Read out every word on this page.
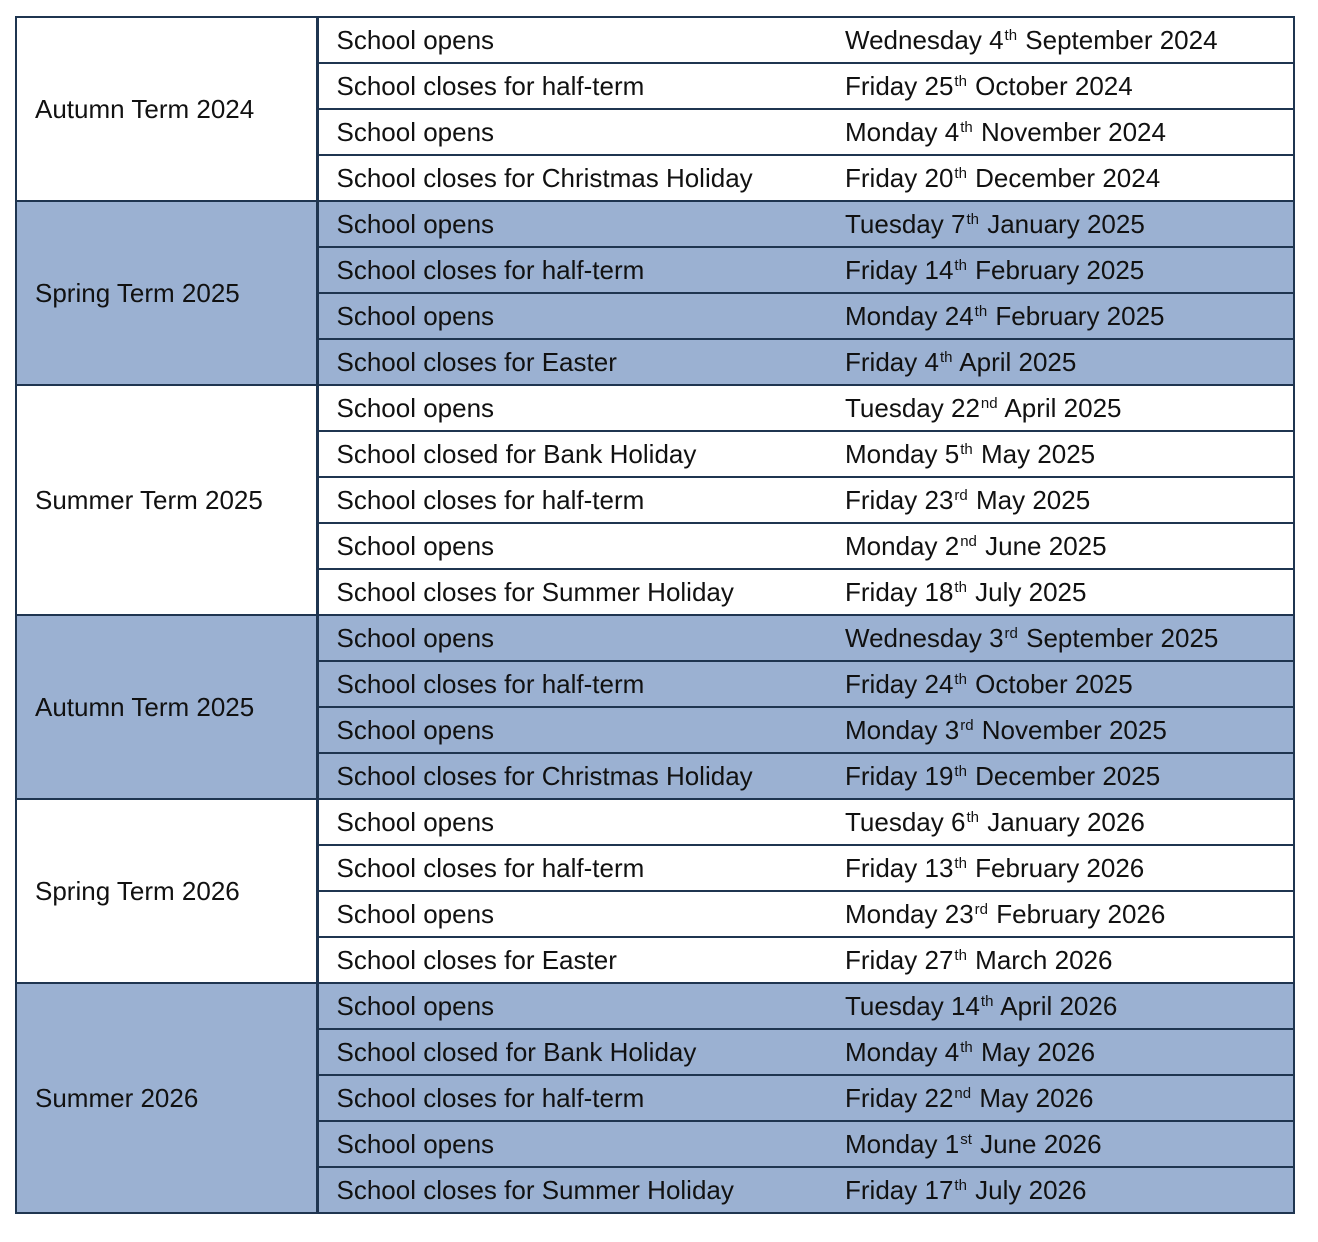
Autumn Term 2024	School opens	Wednesday 4th September 2024
	School closes for half-term	Friday 25th October 2024
	School opens	Monday 4th November 2024
	School closes for Christmas Holiday	Friday 20th December 2024
Spring Term 2025	School opens	Tuesday 7th January 2025
	School closes for half-term	Friday 14th February 2025
	School opens	Monday 24th February 2025
	School closes for Easter	Friday 4th April 2025
Summer Term 2025	School opens	Tuesday 22nd April 2025
	School closed for Bank Holiday	Monday 5th May 2025
	School closes for half-term	Friday 23rd May 2025
	School opens	Monday 2nd June 2025
	School closes for Summer Holiday	Friday 18th July 2025
Autumn Term 2025	School opens	Wednesday 3rd September 2025
	School closes for half-term	Friday 24th October 2025
	School opens	Monday 3rd November 2025
	School closes for Christmas Holiday	Friday 19th December 2025
Spring Term 2026	School opens	Tuesday 6th January 2026
	School closes for half-term	Friday 13th February 2026
	School opens	Monday 23rd February 2026
	School closes for Easter	Friday 27th March 2026
Summer 2026	School opens	Tuesday 14th April 2026
	School closed for Bank Holiday	Monday 4th May 2026
	School closes for half-term	Friday 22nd May 2026
	School opens	Monday 1st June 2026
	School closes for Summer Holiday	Friday 17th July 2026
